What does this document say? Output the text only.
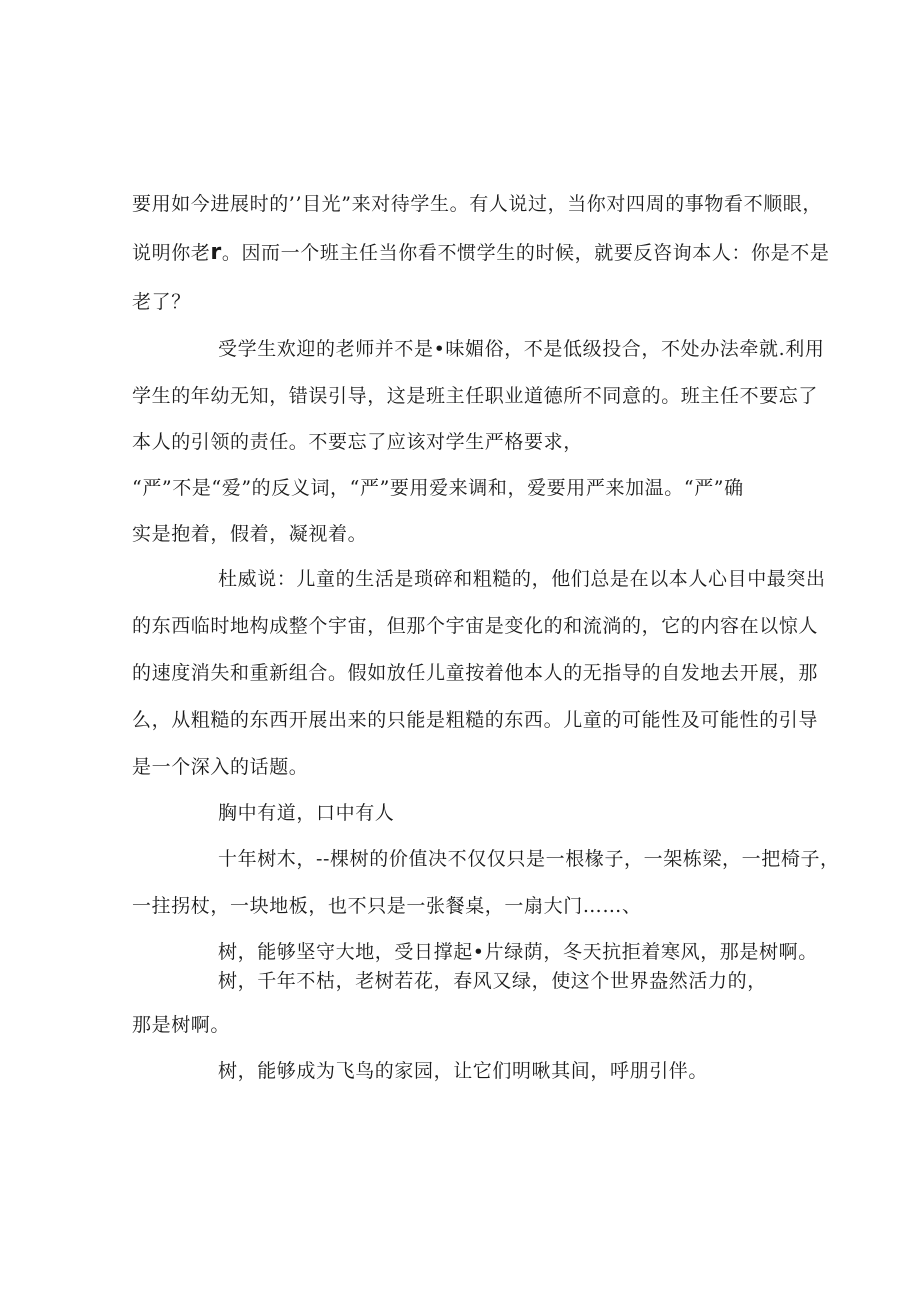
要用如今进展时的’’目光”来对待学生。有人说过，当你对四周的事物看不顺眼，
说明你老r。因而一个班主任当你看不惯学生的时候，就要反咨询本人：你是不是
老了？
受学生欢迎的老师并不是•味媚俗，不是低级投合，不处办法牵就.利用
学生的年幼无知，错误引导，这是班主任职业道德所不同意的。班主任不要忘了
本人的引领的责任。不要忘了应该对学生严格要求，
“严”不是“爱”的反义词，“严”要用爱来调和，爱要用严来加温。“严”确
实是抱着，假着，凝视着。
杜威说：儿童的生活是琐碎和粗糙的，他们总是在以本人心目中最突出
的东西临时地构成整个宇宙，但那个宇宙是变化的和流淌的，它的内容在以惊人
的速度消失和重新组合。假如放任儿童按着他本人的无指导的自发地去开展，那
么，从粗糙的东西开展出来的只能是粗糙的东西。儿童的可能性及可能性的引导
是一个深入的话题。
胸中有道，口中有人
十年树木，--棵树的价值决不仅仅只是一根椽子，一架栋梁，一把椅子，
一拄拐杖，一块地板，也不只是一张餐桌，一扇大门……、
树，能够坚守大地，受日撑起•片绿荫，冬天抗拒着寒风，那是树啊。
树，千年不枯，老树若花，春风又绿，使这个世界盎然活力的，
那是树啊。
树，能够成为飞鸟的家园，让它们明啾其间，呼朋引伴。
